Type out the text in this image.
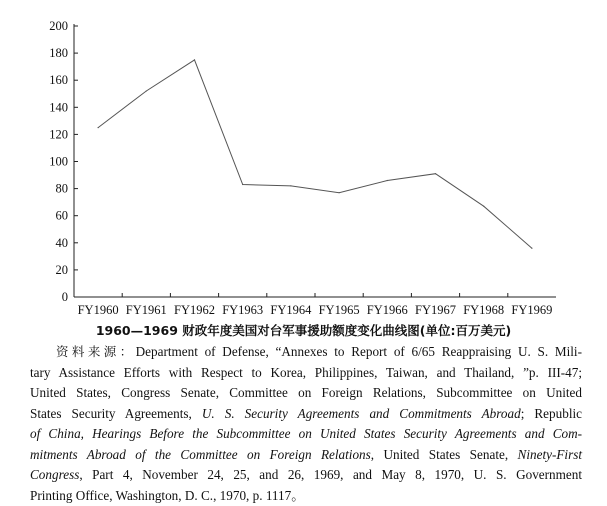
0
20
40
60
80
100
120
140
160
180
200
FY1960 FY1961 FY1962 FY1963 FY1964 FY1965 FY1966 FY1967 FY1968 FY1969
1960—1969 财政年度美国对台军事援助额度变化曲线图(单位:百万美元)
资料来源：Department of Defense, “Annexes to Report of 6/65 Reappraising U. S. Mili-
tary Assistance Efforts with Respect to Korea, Philippines, Taiwan, and Thailand, ”p. III-47;
United States, Congress Senate, Committee on Foreign Relations, Subcommittee on United
States Security Agreements, U. S. Security Agreements and Commitments Abroad; Republic
of China, Hearings Before the Subcommittee on United States Security Agreements and Com-
mitments Abroad of the Committee on Foreign Relations, United States Senate, Ninety-First
Congress, Part 4, November 24, 25, and 26, 1969, and May 8, 1970, U. S. Government
Printing Office, Washington, D. C., 1970, p. 1117。
